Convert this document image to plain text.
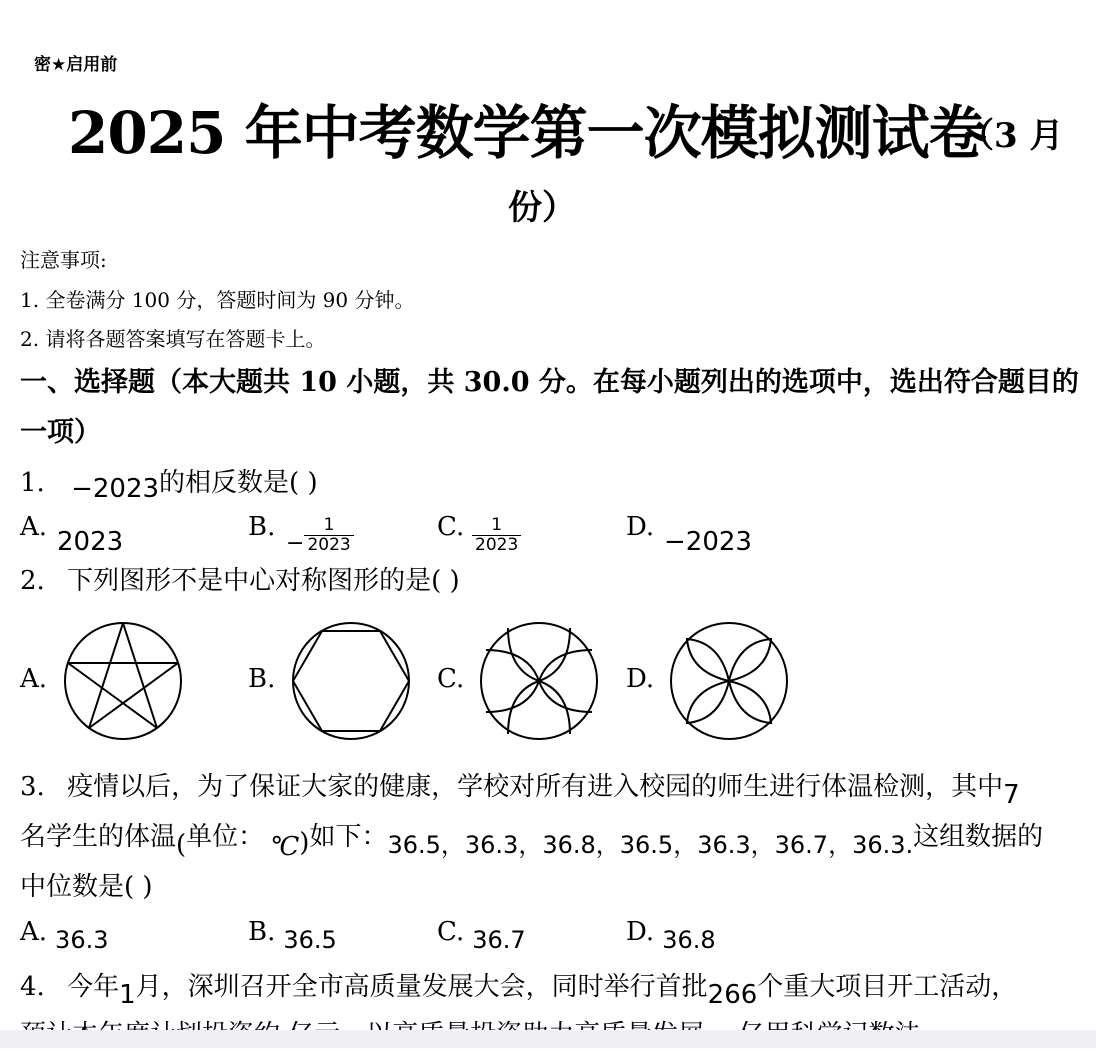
密★启用前
2025 年中考数学第一次模拟测试卷
（3 月
份）
注意事项:
1. 全卷满分 100 分，答题时间为 90 分钟。
2. 请将各题答案填写在答题卡上。
一、选择题（本大题共 10 小题，共 30.0 分。在每小题列出的选项中，选出符合题目的
一项）
1. −2023的相反数是( )
A. 2023	B.
− $\frac{1}{2023}$	C. $\frac{1}{2023}$	D. −2023
2. 下列图形不是中心对称图形的是( )
A.	B.	C.	D.
3. 疫情以后，为了保证大家的健康，学校对所有进入校园的师生进行体温检测，其中7
名学生的体温(单位： ℃)如下：36.5，36.3，36.8，36.5，36.3，36.7，36.3.这组数据的
中位数是( )
A. 36.3	B. 36.5	C. 36.7	D. 36.8
4. 今年1月，深圳召开全市高质量发展大会，同时举行首批266个重大项目开工活动，
